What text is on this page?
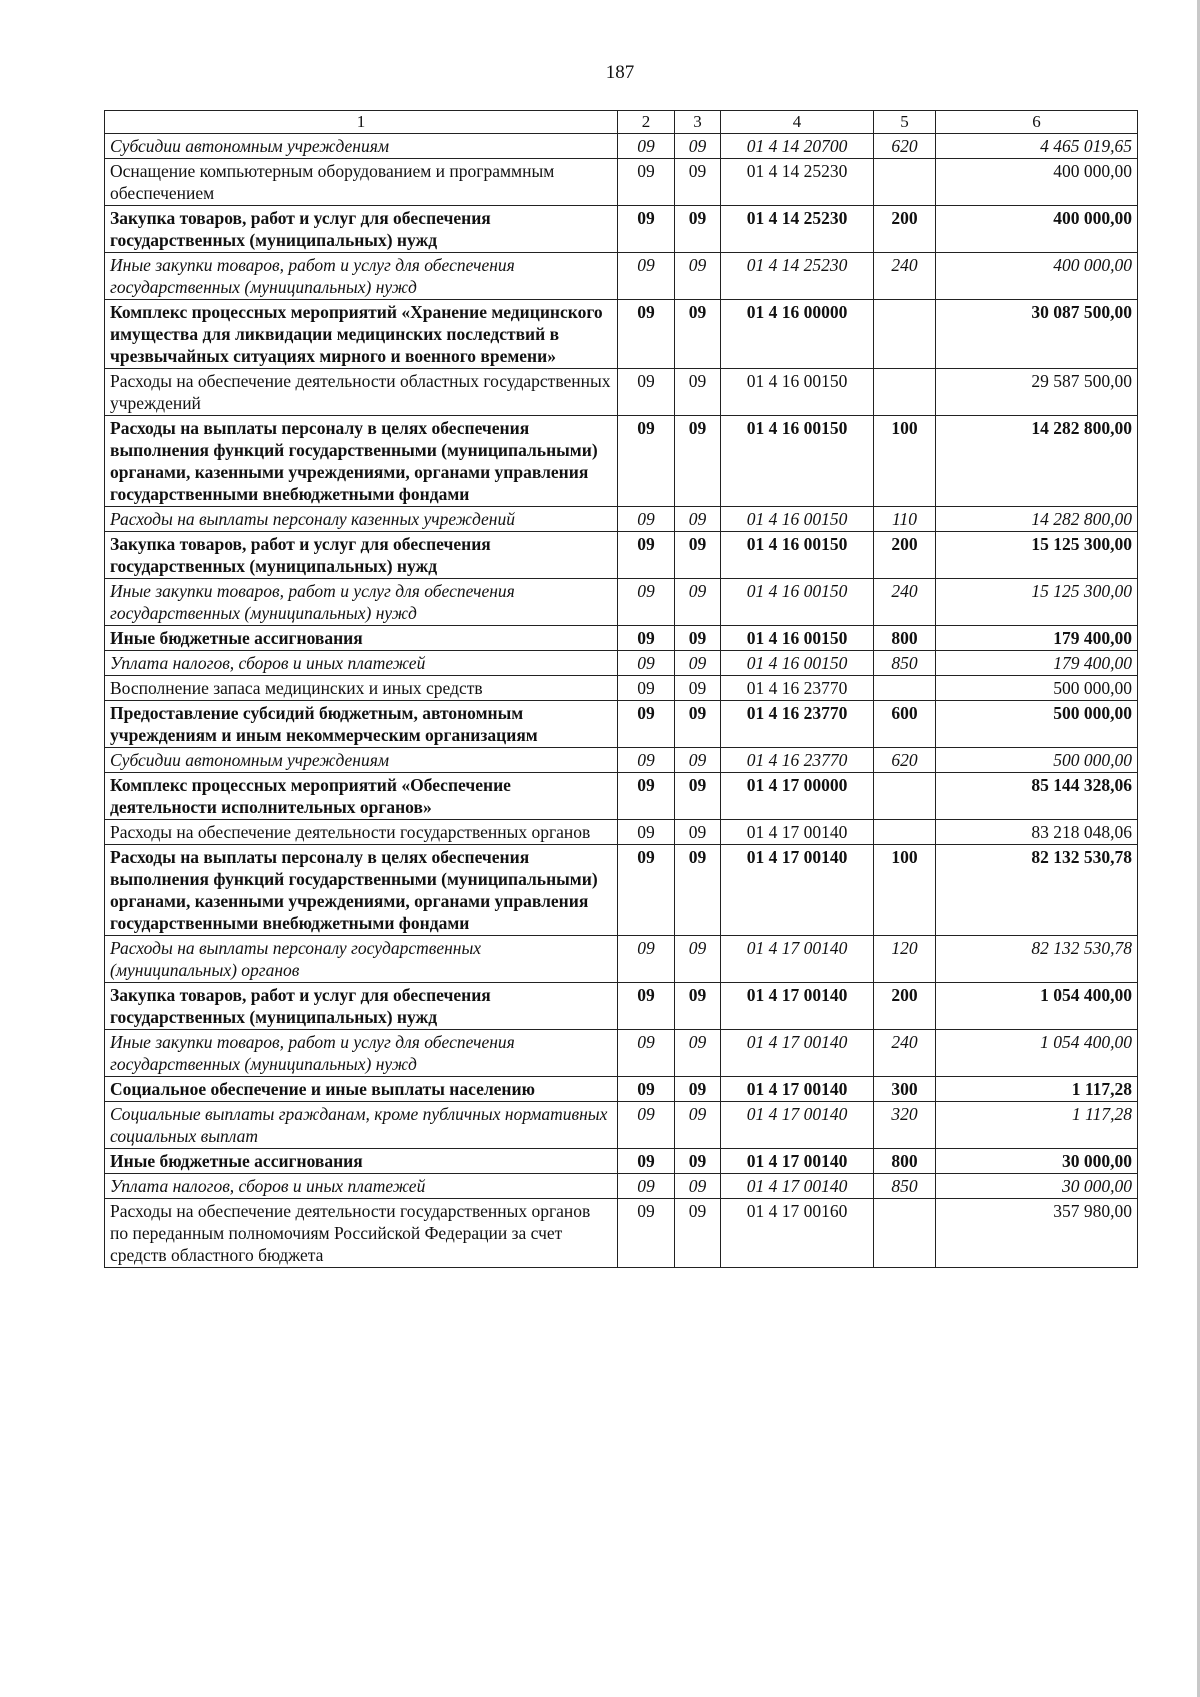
187
1	2	3	4	5	6
Субсидии автономным учреждениям	09	09	01 4 14 20700	620	4 465 019,65
Оснащение компьютерным оборудованием и программным обеспечением	09	09	01 4 14 25230		400 000,00
Закупка товаров, работ и услуг для обеспечения государственных (муниципальных) нужд	09	09	01 4 14 25230	200	400 000,00
Иные закупки товаров, работ и услуг для обеспечения государственных (муниципальных) нужд	09	09	01 4 14 25230	240	400 000,00
Комплекс процессных мероприятий «Хранение медицинского имущества для ликвидации медицинских последствий в чрезвычайных ситуациях мирного и военного времени»	09	09	01 4 16 00000		30 087 500,00
Расходы на обеспечение деятельности областных государственных учреждений	09	09	01 4 16 00150		29 587 500,00
Расходы на выплаты персоналу в целях обеспечения выполнения функций государственными (муниципальными) органами, казенными учреждениями, органами управления государственными внебюджетными фондами	09	09	01 4 16 00150	100	14 282 800,00
Расходы на выплаты персоналу казенных учреждений	09	09	01 4 16 00150	110	14 282 800,00
Закупка товаров, работ и услуг для обеспечения государственных (муниципальных) нужд	09	09	01 4 16 00150	200	15 125 300,00
Иные закупки товаров, работ и услуг для обеспечения государственных (муниципальных) нужд	09	09	01 4 16 00150	240	15 125 300,00
Иные бюджетные ассигнования	09	09	01 4 16 00150	800	179 400,00
Уплата налогов, сборов и иных платежей	09	09	01 4 16 00150	850	179 400,00
Восполнение запаса медицинских и иных средств	09	09	01 4 16 23770		500 000,00
Предоставление субсидий бюджетным, автономным учреждениям и иным некоммерческим организациям	09	09	01 4 16 23770	600	500 000,00
Субсидии автономным учреждениям	09	09	01 4 16 23770	620	500 000,00
Комплекс процессных мероприятий «Обеспечение деятельности исполнительных органов»	09	09	01 4 17 00000		85 144 328,06
Расходы на обеспечение деятельности государственных органов	09	09	01 4 17 00140		83 218 048,06
Расходы на выплаты персоналу в целях обеспечения выполнения функций государственными (муниципальными) органами, казенными учреждениями, органами управления государственными внебюджетными фондами	09	09	01 4 17 00140	100	82 132 530,78
Расходы на выплаты персоналу государственных (муниципальных) органов	09	09	01 4 17 00140	120	82 132 530,78
Закупка товаров, работ и услуг для обеспечения государственных (муниципальных) нужд	09	09	01 4 17 00140	200	1 054 400,00
Иные закупки товаров, работ и услуг для обеспечения государственных (муниципальных) нужд	09	09	01 4 17 00140	240	1 054 400,00
Социальное обеспечение и иные выплаты населению	09	09	01 4 17 00140	300	1 117,28
Социальные выплаты гражданам, кроме публичных нормативных социальных выплат	09	09	01 4 17 00140	320	1 117,28
Иные бюджетные ассигнования	09	09	01 4 17 00140	800	30 000,00
Уплата налогов, сборов и иных платежей	09	09	01 4 17 00140	850	30 000,00
Расходы на обеспечение деятельности государственных органов по переданным полномочиям Российской Федерации за счет средств областного бюджета	09	09	01 4 17 00160		357 980,00
